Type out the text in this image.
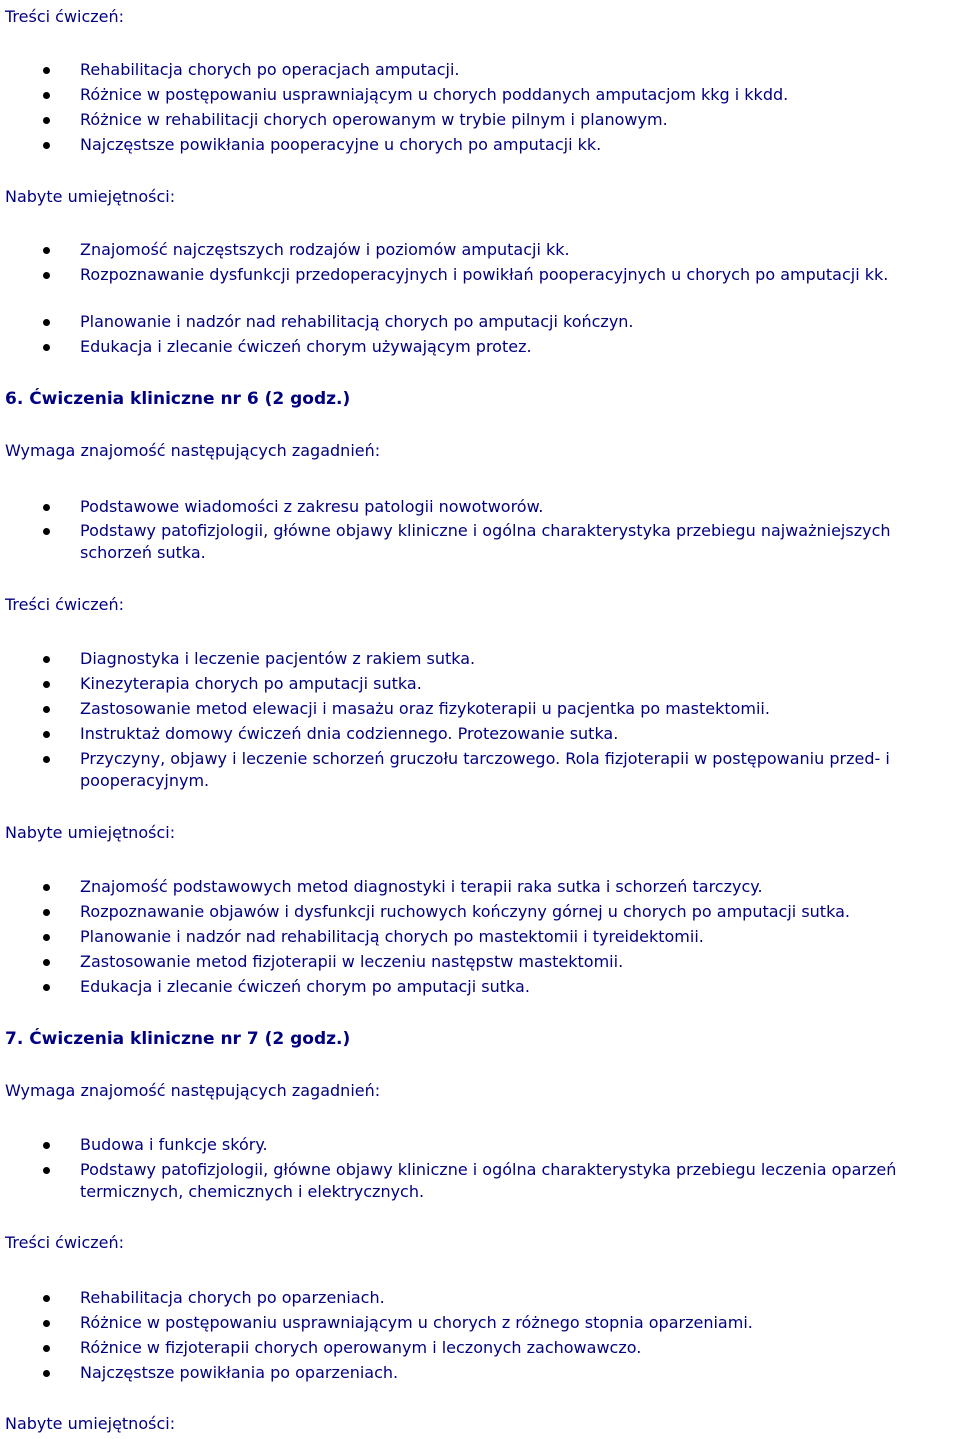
Treści ćwiczeń:
Rehabilitacja chorych po operacjach amputacji.
Różnice w postępowaniu usprawniającym u chorych poddanych amputacjom kkg i kkdd.
Różnice w rehabilitacji chorych operowanym w trybie pilnym i planowym.
Najczęstsze powikłania pooperacyjne u chorych po amputacji kk.
Nabyte umiejętności:
Znajomość najczęstszych rodzajów i poziomów amputacji kk.
Rozpoznawanie dysfunkcji przedoperacyjnych i powikłań pooperacyjnych u chorych po amputacji kk.
Planowanie i nadzór nad rehabilitacją chorych po amputacji kończyn.
Edukacja i zlecanie ćwiczeń chorym używającym protez.
6. Ćwiczenia kliniczne nr 6 (2 godz.)
Wymaga znajomość następujących zagadnień:
Podstawowe wiadomości z zakresu patologii nowotworów.
Podstawy patofizjologii, główne objawy kliniczne i ogólna charakterystyka przebiegu najważniejszych schorzeń sutka.
Treści ćwiczeń:
Diagnostyka i leczenie pacjentów z rakiem sutka.
Kinezyterapia chorych po amputacji sutka.
Zastosowanie metod elewacji i masażu oraz fizykoterapii u pacjentka po mastektomii.
Instruktaż domowy ćwiczeń dnia codziennego. Protezowanie sutka.
Przyczyny, objawy i leczenie schorzeń gruczołu tarczowego. Rola fizjoterapii w postępowaniu przed- i pooperacyjnym.
Nabyte umiejętności:
Znajomość podstawowych metod diagnostyki i terapii raka sutka i schorzeń tarczycy.
Rozpoznawanie objawów i dysfunkcji ruchowych kończyny górnej u chorych po amputacji sutka.
Planowanie i nadzór nad rehabilitacją chorych po mastektomii i tyreidektomii.
Zastosowanie metod fizjoterapii w leczeniu następstw mastektomii.
Edukacja i zlecanie ćwiczeń chorym po amputacji sutka.
7. Ćwiczenia kliniczne nr 7 (2 godz.)
Wymaga znajomość następujących zagadnień:
Budowa i funkcje skóry.
Podstawy patofizjologii, główne objawy kliniczne i ogólna charakterystyka przebiegu leczenia oparzeń termicznych, chemicznych i elektrycznych.
Treści ćwiczeń:
Rehabilitacja chorych po oparzeniach.
Różnice w postępowaniu usprawniającym u chorych z różnego stopnia oparzeniami.
Różnice w fizjoterapii chorych operowanym i leczonych zachowawczo.
Najczęstsze powikłania po oparzeniach.
Nabyte umiejętności:
